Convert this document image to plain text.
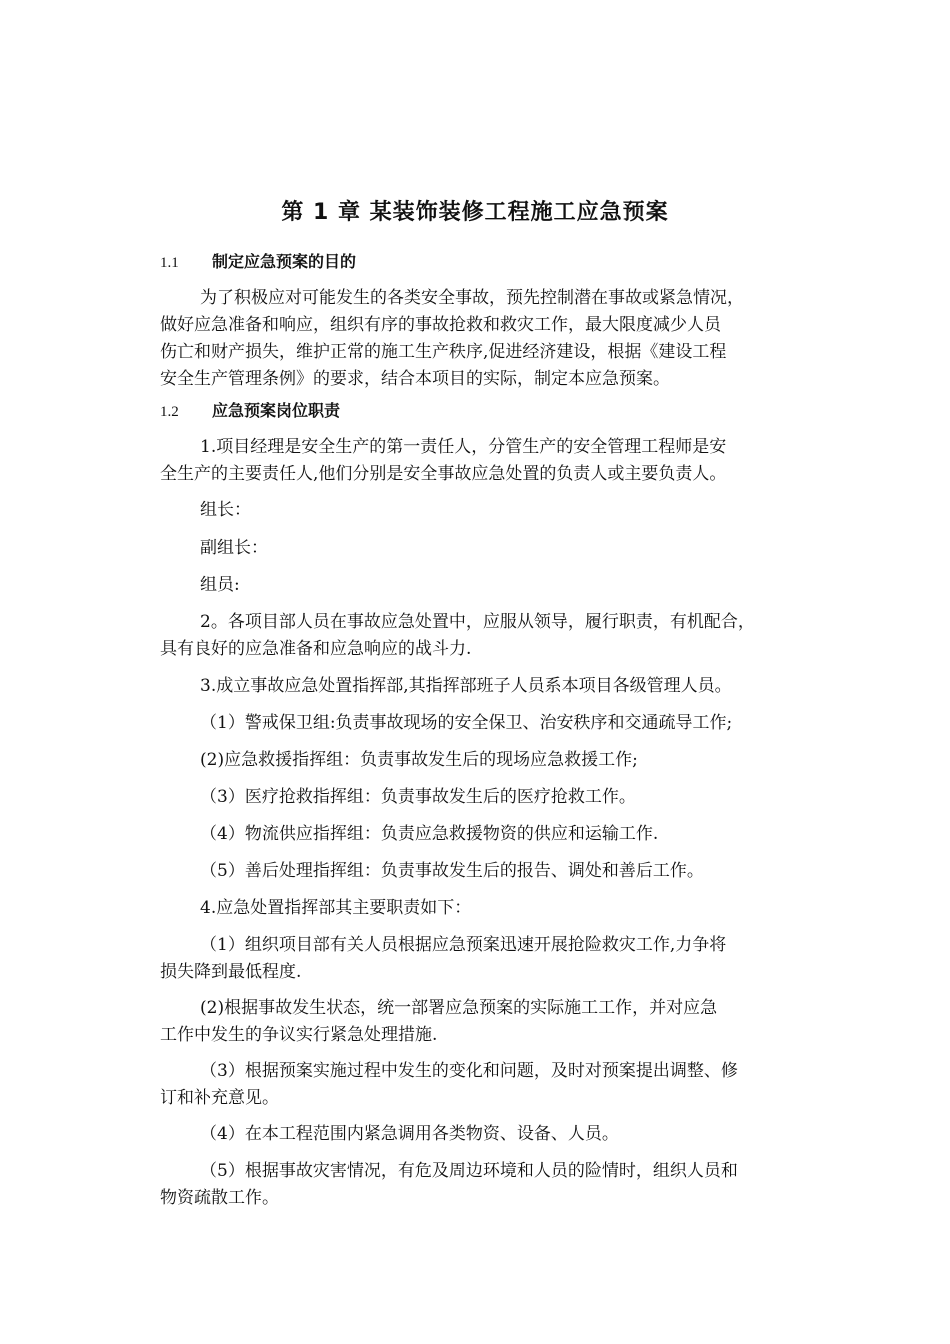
第 1 章 某装饰装修工程施工应急预案
1.1 制定应急预案的目的
为了积极应对可能发生的各类安全事故，预先控制潜在事故或紧急情况，
做好应急准备和响应，组织有序的事故抢救和救灾工作，最大限度减少人员
伤亡和财产损失，维护正常的施工生产秩序,促进经济建设，根据《建设工程
安全生产管理条例》的要求，结合本项目的实际，制定本应急预案。
1.2 应急预案岗位职责
1.项目经理是安全生产的第一责任人，分管生产的安全管理工程师是安
全生产的主要责任人,他们分别是安全事故应急处置的负责人或主要负责人。
组长：
副组长：
组员:
2。各项目部人员在事故应急处置中，应服从领导，履行职责，有机配合，
具有良好的应急准备和应急响应的战斗力.
3.成立事故应急处置指挥部,其指挥部班子人员系本项目各级管理人员。
（1）警戒保卫组:负责事故现场的安全保卫、治安秩序和交通疏导工作;
(2)应急救援指挥组：负责事故发生后的现场应急救援工作;
（3）医疗抢救指挥组：负责事故发生后的医疗抢救工作。
（4）物流供应指挥组：负责应急救援物资的供应和运输工作.
（5）善后处理指挥组：负责事故发生后的报告、调处和善后工作。
4.应急处置指挥部其主要职责如下：
（1）组织项目部有关人员根据应急预案迅速开展抢险救灾工作,力争将
损失降到最低程度.
(2)根据事故发生状态，统一部署应急预案的实际施工工作，并对应急
工作中发生的争议实行紧急处理措施.
（3）根据预案实施过程中发生的变化和问题，及时对预案提出调整、修
订和补充意见。
（4）在本工程范围内紧急调用各类物资、设备、人员。
（5）根据事故灾害情况，有危及周边环境和人员的险情时，组织人员和
物资疏散工作。
